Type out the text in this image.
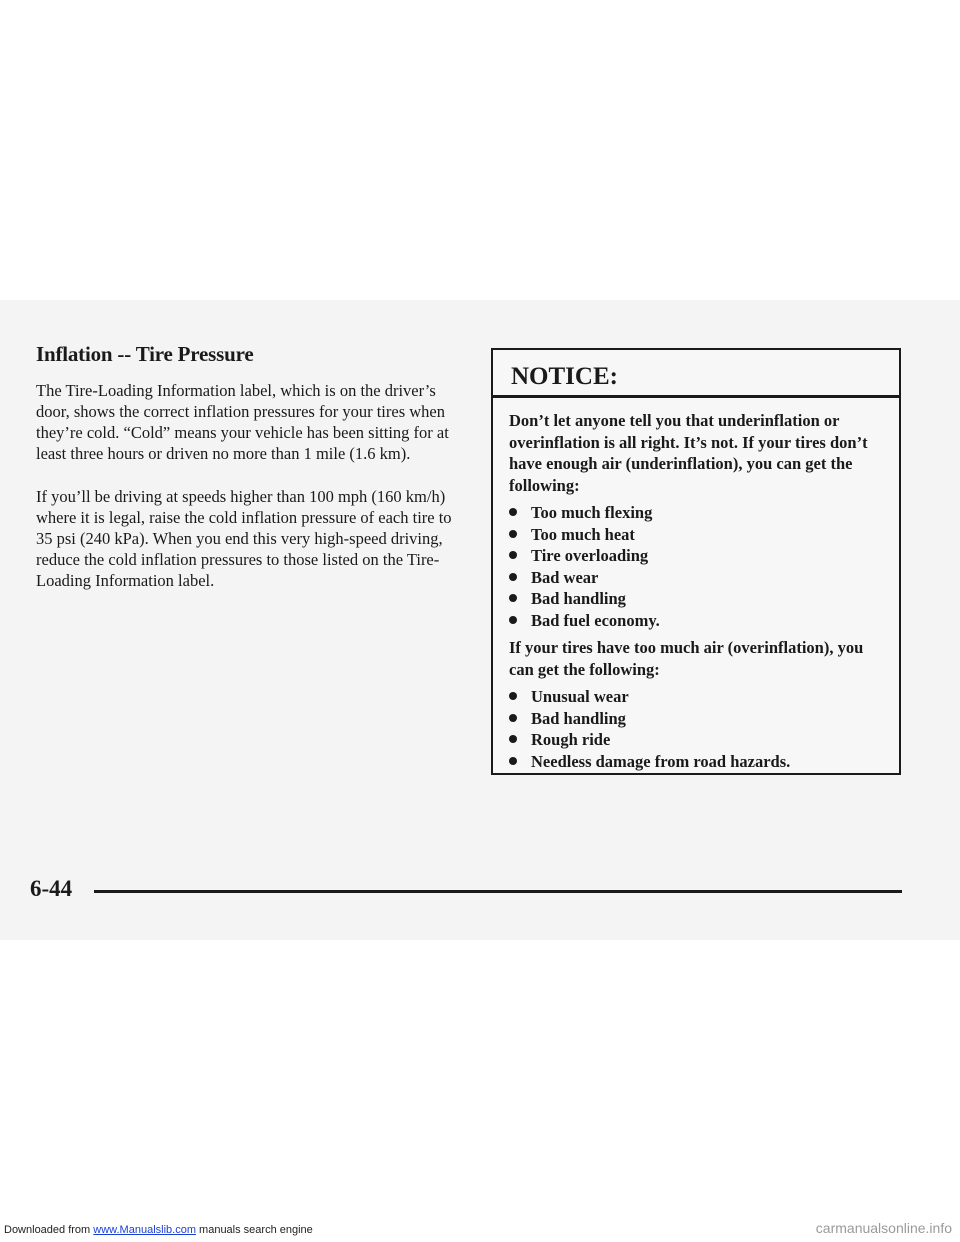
Inflation -- Tire Pressure

The Tire-Loading Information label, which is on the driver’s door, shows the correct inflation pressures for your tires when they’re cold. “Cold” means your vehicle has been sitting for at least three hours or driven no more than 1 mile (1.6 km).

If you’ll be driving at speeds higher than 100 mph (160 km/h) where it is legal, raise the cold inflation pressure of each tire to 35 psi (240 kPa). When you end this very high-speed driving, reduce the cold inflation pressures to those listed on the Tire-Loading Information label.

NOTICE:

Don’t let anyone tell you that underinflation or overinflation is all right. It’s not. If your tires don’t have enough air (underinflation), you can get the following:

Too much flexing
Too much heat
Tire overloading
Bad wear
Bad handling
Bad fuel economy.

If your tires have too much air (overinflation), you can get the following:

Unusual wear
Bad handling
Rough ride
Needless damage from road hazards.
6-44
Downloaded from www.Manualslib.com manuals search engine	carmanualsonline.info
